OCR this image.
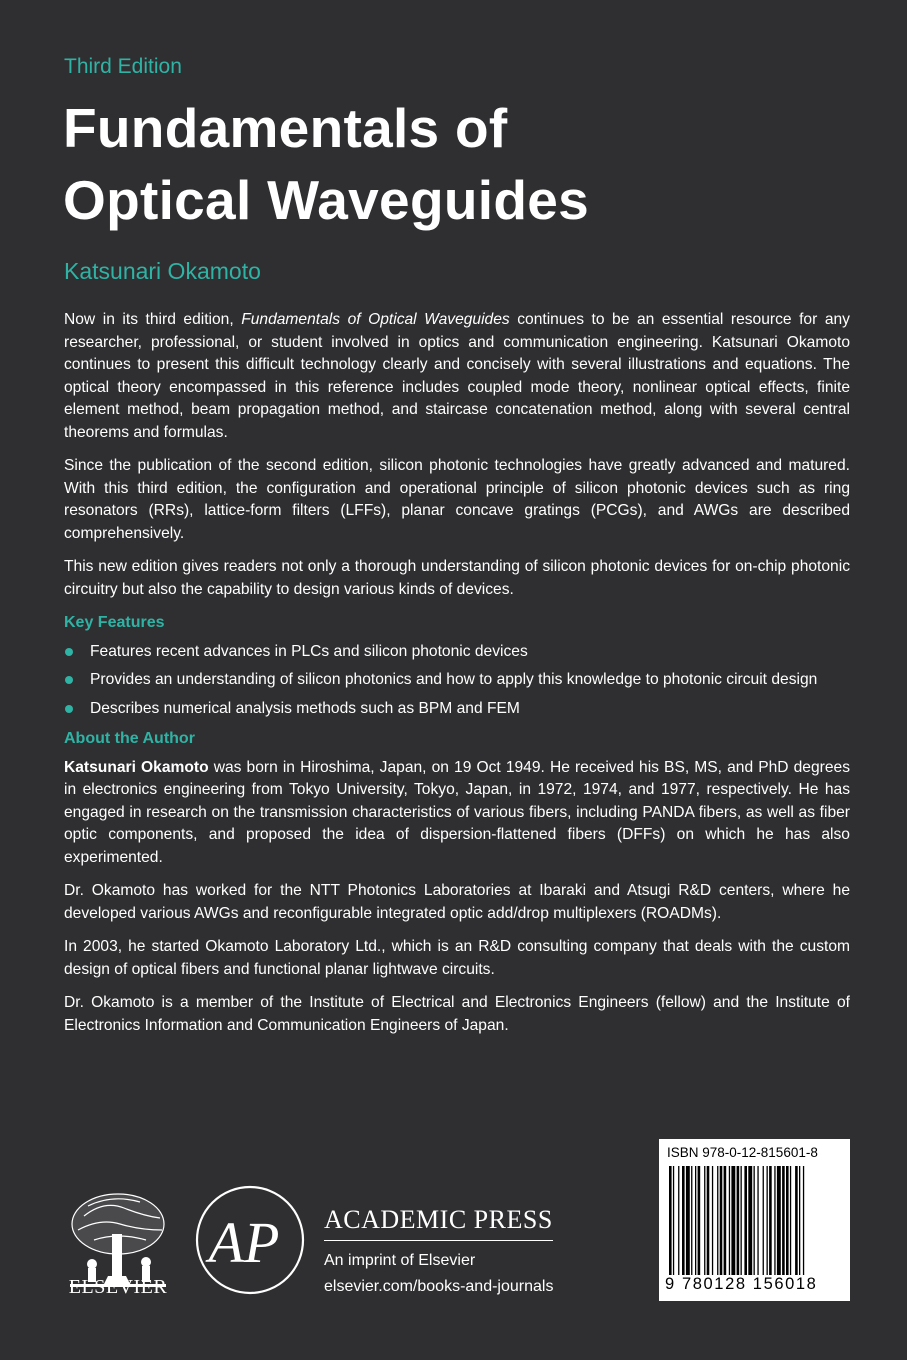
Third Edition
Fundamentals of
Optical Waveguides
Katsunari Okamoto

Now in its third edition, Fundamentals of Optical Waveguides continues to be an essential resource for any researcher, professional, or student involved in optics and communication engineering. Katsunari Okamoto continues to present this difficult technology clearly and concisely with several illustrations and equations. The optical theory encompassed in this reference includes coupled mode theory, nonlinear optical effects, finite element method, beam propagation method, and staircase concatenation method, along with several central theorems and formulas.

Since the publication of the second edition, silicon photonic technologies have greatly advanced and matured. With this third edition, the configuration and operational principle of silicon photonic devices such as ring resonators (RRs), lattice-form filters (LFFs), planar concave gratings (PCGs), and AWGs are described comprehensively.

This new edition gives readers not only a thorough understanding of silicon photonic devices for on-chip photonic circuitry but also the capability to design various kinds of devices.

Key Features
Features recent advances in PLCs and silicon photonic devices
Provides an understanding of silicon photonics and how to apply this knowledge to photonic circuit design
Describes numerical analysis methods such as BPM and FEM
About the Author

Katsunari Okamoto was born in Hiroshima, Japan, on 19 Oct 1949. He received his BS, MS, and PhD degrees in electronics engineering from Tokyo University, Tokyo, Japan, in 1972, 1974, and 1977, respectively. He has engaged in research on the transmission characteristics of various fibers, including PANDA fibers, as well as fiber optic components, and proposed the idea of dispersion-flattened fibers (DFFs) on which he has also experimented.

Dr. Okamoto has worked for the NTT Photonics Laboratories at Ibaraki and Atsugi R&D centers, where he developed various AWGs and reconfigurable integrated optic add/drop multiplexers (ROADMs).

In 2003, he started Okamoto Laboratory Ltd., which is an R&D consulting company that deals with the custom design of optical fibers and functional planar lightwave circuits.

Dr. Okamoto is a member of the Institute of Electrical and Electronics Engineers (fellow) and the Institute of Electronics Information and Communication Engineers of Japan.

ELSEVIER
AP ACADEMIC PRESS
An imprint of Elsevier
elsevier.com/books-and-journals
ISBN 978-0-12-815601-8
9 780128 156018
